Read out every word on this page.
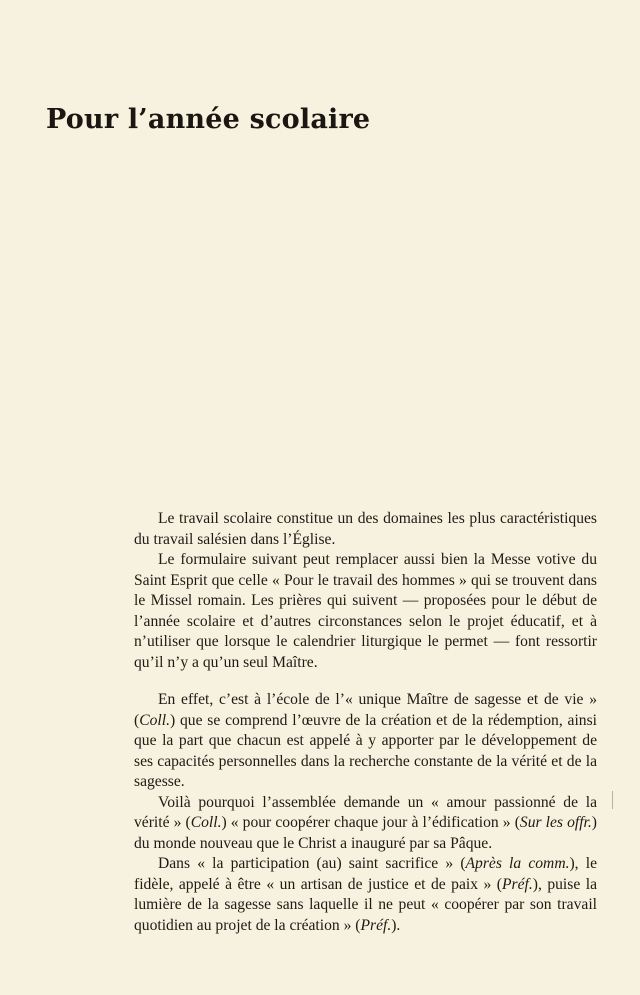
Pour l’année scolaire

Le travail scolaire constitue un des domaines les plus caractéristiques du travail salésien dans l’Église.

Le formulaire suivant peut remplacer aussi bien la Messe votive du Saint Esprit que celle « Pour le travail des hommes » qui se trouvent dans le Missel romain. Les prières qui suivent — proposées pour le début de l’année scolaire et d’autres circonstances selon le projet éducatif, et à n’utiliser que lorsque le calendrier liturgique le permet — font ressortir qu’il n’y a qu’un seul Maître.

En effet, c’est à l’école de l’« unique Maître de sagesse et de vie » (Coll.) que se comprend l’œuvre de la création et de la rédemption, ainsi que la part que chacun est appelé à y apporter par le développement de ses capacités personnelles dans la recherche constante de la vérité et de la sagesse.

Voilà pourquoi l’assemblée demande un « amour passionné de la vérité » (Coll.) « pour coopérer chaque jour à l’édification » (Sur les offr.) du monde nouveau que le Christ a inauguré par sa Pâque.

Dans « la participation (au) saint sacrifice » (Après la comm.), le fidèle, appelé à être « un artisan de justice et de paix » (Préf.), puise la lumière de la sagesse sans laquelle il ne peut « coopérer par son travail quotidien au projet de la création » (Préf.).
